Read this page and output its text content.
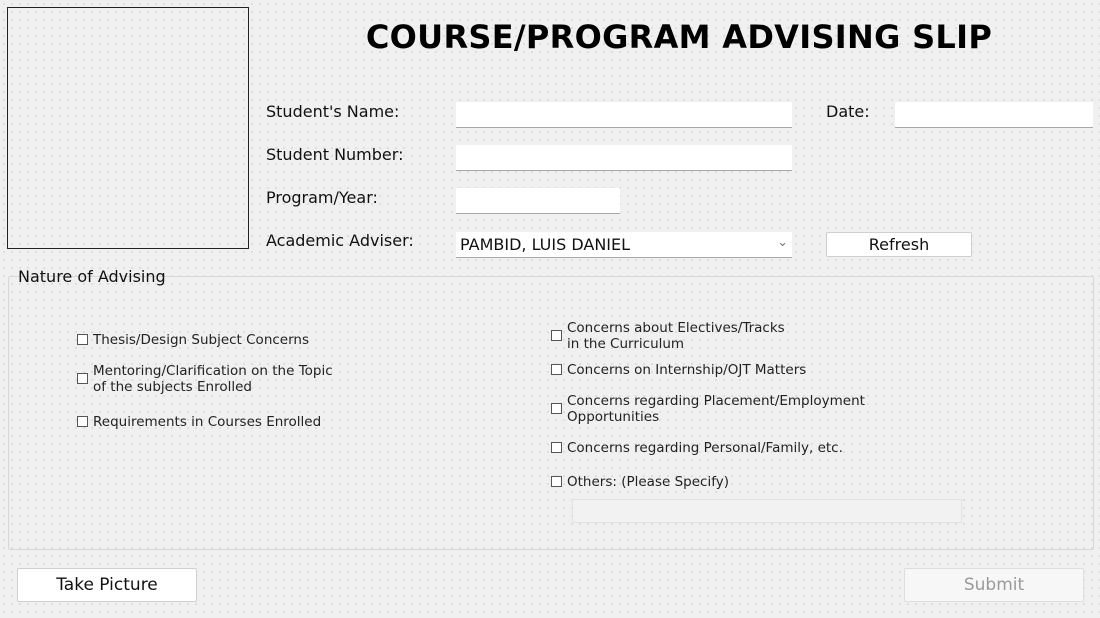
COURSE/PROGRAM ADVISING SLIP
Student's Name:	Date:
Student Number:
Program/Year:
Academic Adviser:	PAMBID, LUIS DANIEL	⌄	Refresh
Nature of Advising
Thesis/Design Subject Concerns
Mentoring/Clarification on the Topic
of the subjects Enrolled
Requirements in Courses Enrolled
Concerns about Electives/Tracks
in the Curriculum
Concerns on Internship/OJT Matters
Concerns regarding Placement/Employment
Opportunities
Concerns regarding Personal/Family, etc.
Others: (Please Specify)
Take Picture	Submit
